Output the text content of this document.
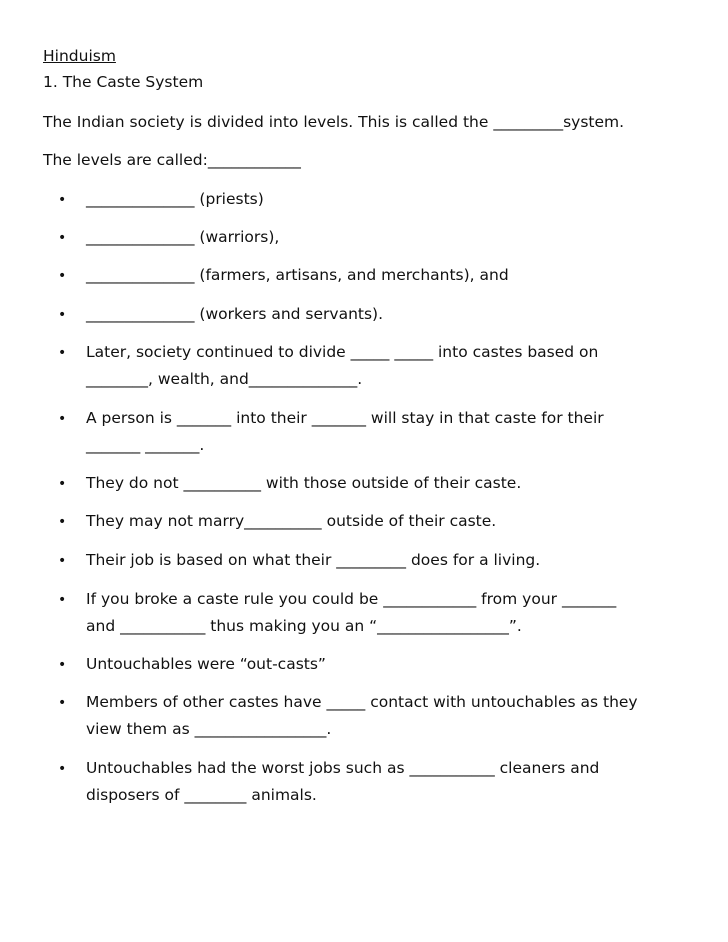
Hinduism
1. The Caste System
The Indian society is divided into levels. This is called the _________system.
The levels are called:____________
• ______________ (priests)
• ______________ (warriors),
• ______________ (farmers, artisans, and merchants), and
• ______________ (workers and servants).
• Later, society continued to divide _____ _____ into castes based on
________, wealth, and______________.
• A person is _______ into their _______ will stay in that caste for their
_______ _______.
• They do not __________ with those outside of their caste.
• They may not marry__________ outside of their caste.
• Their job is based on what their _________ does for a living.
• If you broke a caste rule you could be ____________ from your _______
and ___________ thus making you an “_________________”.
• Untouchables were “out-casts”
• Members of other castes have _____ contact with untouchables as they
view them as _________________.
• Untouchables had the worst jobs such as ___________ cleaners and
disposers of ________ animals.
